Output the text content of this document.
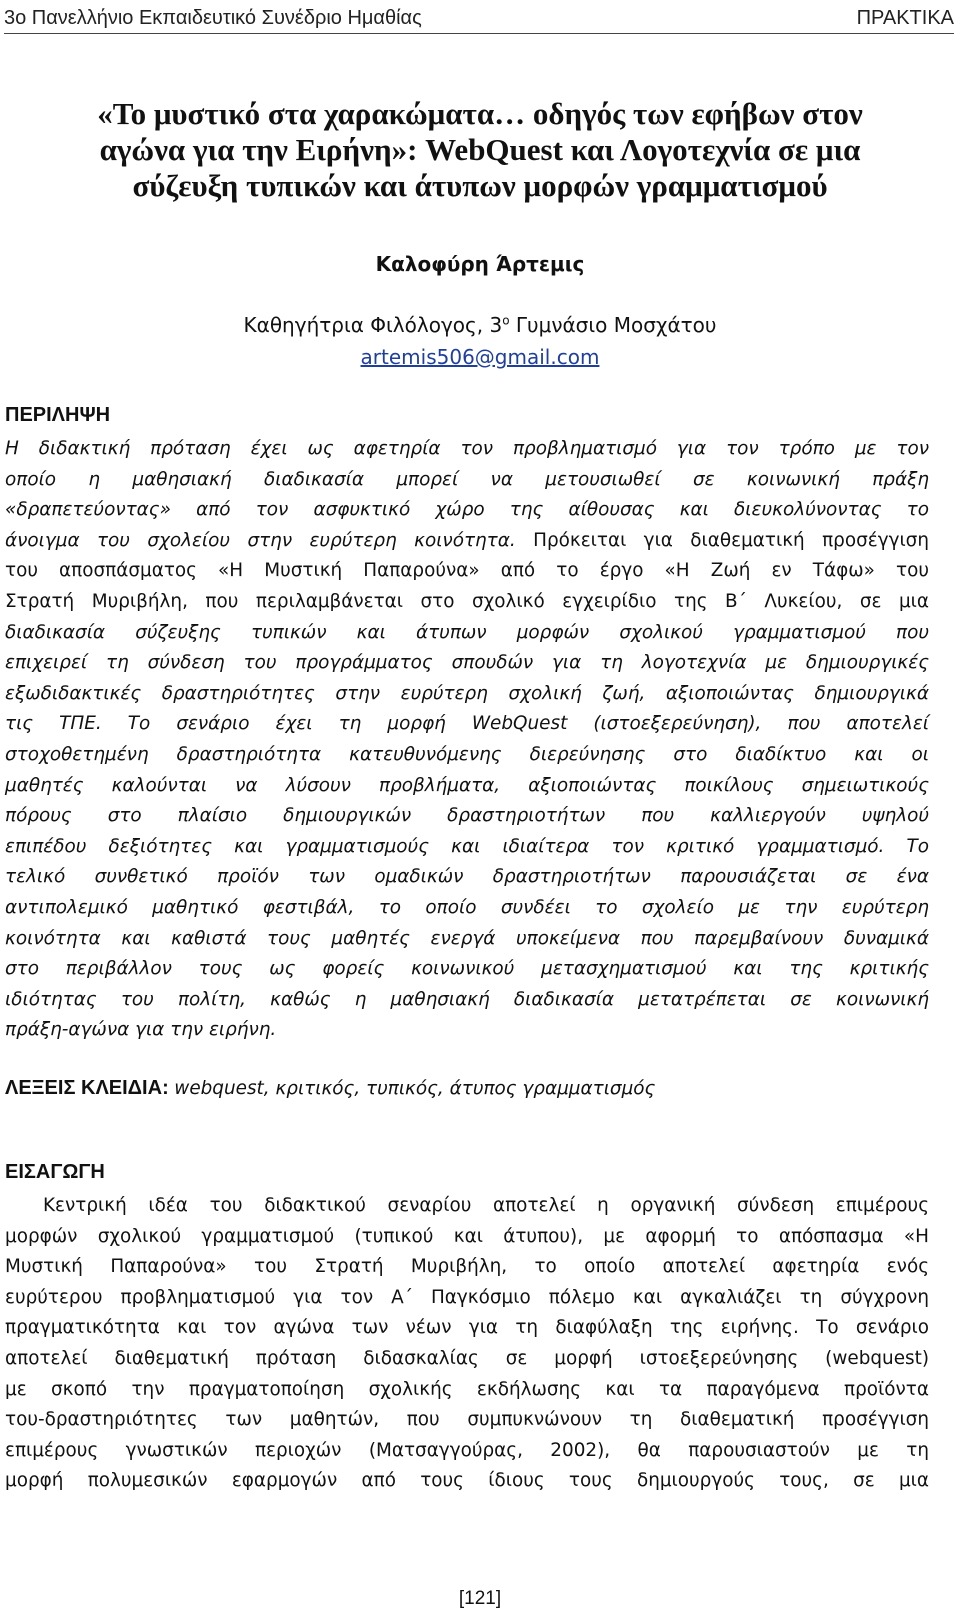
3ο Πανελλήνιο Εκπαιδευτικό Συνέδριο Ημαθίας	ΠΡΑΚΤΙΚΑ
«Το μυστικό στα χαρακώματα… οδηγός των εφήβων στον
αγώνα για την Ειρήνη»: WebQuest και Λογοτεχνία σε μια
σύζευξη τυπικών και άτυπων μορφών γραμματισμού
Καλοφύρη Άρτεμις
Καθηγήτρια Φιλόλογος, $3^o$ Γυμνάσιο Μοσχάτου
artemis506@gmail.com
ΠΕΡΙΛΗΨΗ
Η διδακτική πρόταση έχει ως αφετηρία τον προβληματισμό για τον τρόπο με τον
οποίο η μαθησιακή διαδικασία μπορεί να μετουσιωθεί σε κοινωνική πράξη
«δραπετεύοντας» από τον ασφυκτικό χώρο της αίθουσας και διευκολύνοντας το
άνοιγμα του σχολείου στην ευρύτερη κοινότητα. Πρόκειται για διαθεματική προσέγγιση
του αποσπάσματος «Η Μυστική Παπαρούνα» από το έργο «Η Ζωή εν Τάφω» του
Στρατή Μυριβήλη, που περιλαμβάνεται στο σχολικό εγχειρίδιο της Β΄ Λυκείου, σε μια
διαδικασία σύζευξης τυπικών και άτυπων μορφών σχολικού γραμματισμού που
επιχειρεί τη σύνδεση του προγράμματος σπουδών για τη λογοτεχνία με δημιουργικές
εξωδιδακτικές δραστηριότητες στην ευρύτερη σχολική ζωή, αξιοποιώντας δημιουργικά
τις ΤΠΕ. Το σενάριο έχει τη μορφή WebQuest (ιστοεξερεύνηση), που αποτελεί
στοχοθετημένη δραστηριότητα κατευθυνόμενης διερεύνησης στο διαδίκτυο και οι
μαθητές καλούνται να λύσουν προβλήματα, αξιοποιώντας ποικίλους σημειωτικούς
πόρους στο πλαίσιο δημιουργικών δραστηριοτήτων που καλλιεργούν υψηλού
επιπέδου δεξιότητες και γραμματισμούς και ιδιαίτερα τον κριτικό γραμματισμό. Το
τελικό συνθετικό προϊόν των ομαδικών δραστηριοτήτων παρουσιάζεται σε ένα
αντιπολεμικό μαθητικό φεστιβάλ, το οποίο συνδέει το σχολείο με την ευρύτερη
κοινότητα και καθιστά τους μαθητές ενεργά υποκείμενα που παρεμβαίνουν δυναμικά
στο περιβάλλον τους ως φορείς κοινωνικού μετασχηματισμού και της κριτικής
ιδιότητας του πολίτη, καθώς η μαθησιακή διαδικασία μετατρέπεται σε κοινωνική
πράξη-αγώνα για την ειρήνη.
ΛΕΞΕΙΣ ΚΛΕΙΔΙΑ: webquest, κριτικός, τυπικός, άτυπος γραμματισμός
ΕΙΣΑΓΩΓΗ
Κεντρική ιδέα του διδακτικού σεναρίου αποτελεί η οργανική σύνδεση επιμέρους
μορφών σχολικού γραμματισμού (τυπικού και άτυπου), με αφορμή το απόσπασμα «Η
Μυστική Παπαρούνα» του Στρατή Μυριβήλη, το οποίο αποτελεί αφετηρία ενός
ευρύτερου προβληματισμού για τον Α΄ Παγκόσμιο πόλεμο και αγκαλιάζει τη σύγχρονη
πραγματικότητα και τον αγώνα των νέων για τη διαφύλαξη της ειρήνης. Το σενάριο
αποτελεί διαθεματική πρόταση διδασκαλίας σε μορφή ιστοεξερεύνησης (webquest)
με σκοπό την πραγματοποίηση σχολικής εκδήλωσης και τα παραγόμενα προϊόντα
του-δραστηριότητες των μαθητών, που συμπυκνώνουν τη διαθεματική προσέγγιση
επιμέρους γνωστικών περιοχών (Ματσαγγούρας, 2002), θα παρουσιαστούν με τη
μορφή πολυμεσικών εφαρμογών από τους ίδιους τους δημιουργούς τους, σε μια
[121]
